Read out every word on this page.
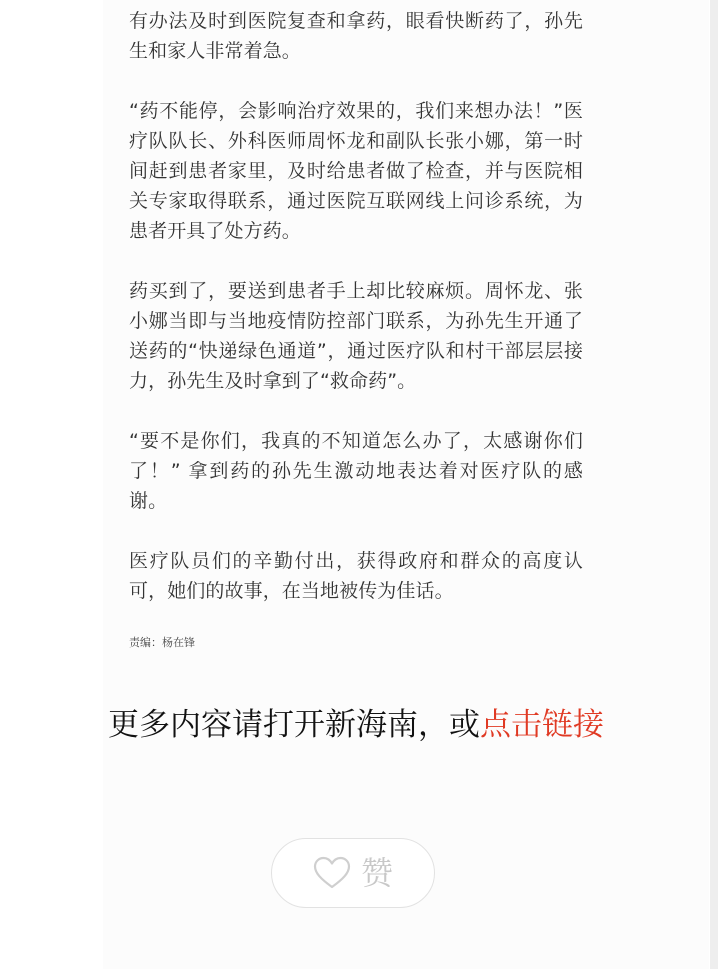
有办法及时到医院复查和拿药，眼看快断药了，孙先生和家人非常着急。

“药不能停，会影响治疗效果的，我们来想办法！”医疗队队长、外科医师周怀龙和副队长张小娜，第一时间赶到患者家里，及时给患者做了检查，并与医院相关专家取得联系，通过医院互联网线上问诊系统，为患者开具了处方药。

药买到了，要送到患者手上却比较麻烦。周怀龙、张小娜当即与当地疫情防控部门联系，为孙先生开通了送药的“快递绿色通道”，通过医疗队和村干部层层接力，孙先生及时拿到了“救命药”。

“要不是你们，我真的不知道怎么办了，太感谢你们了！” 拿到药的孙先生激动地表达着对医疗队的感谢。

医疗队员们的辛勤付出，获得政府和群众的高度认可，她们的故事，在当地被传为佳话。

责编：杨在锋
更多内容请打开新海南，或点击链接
赞
